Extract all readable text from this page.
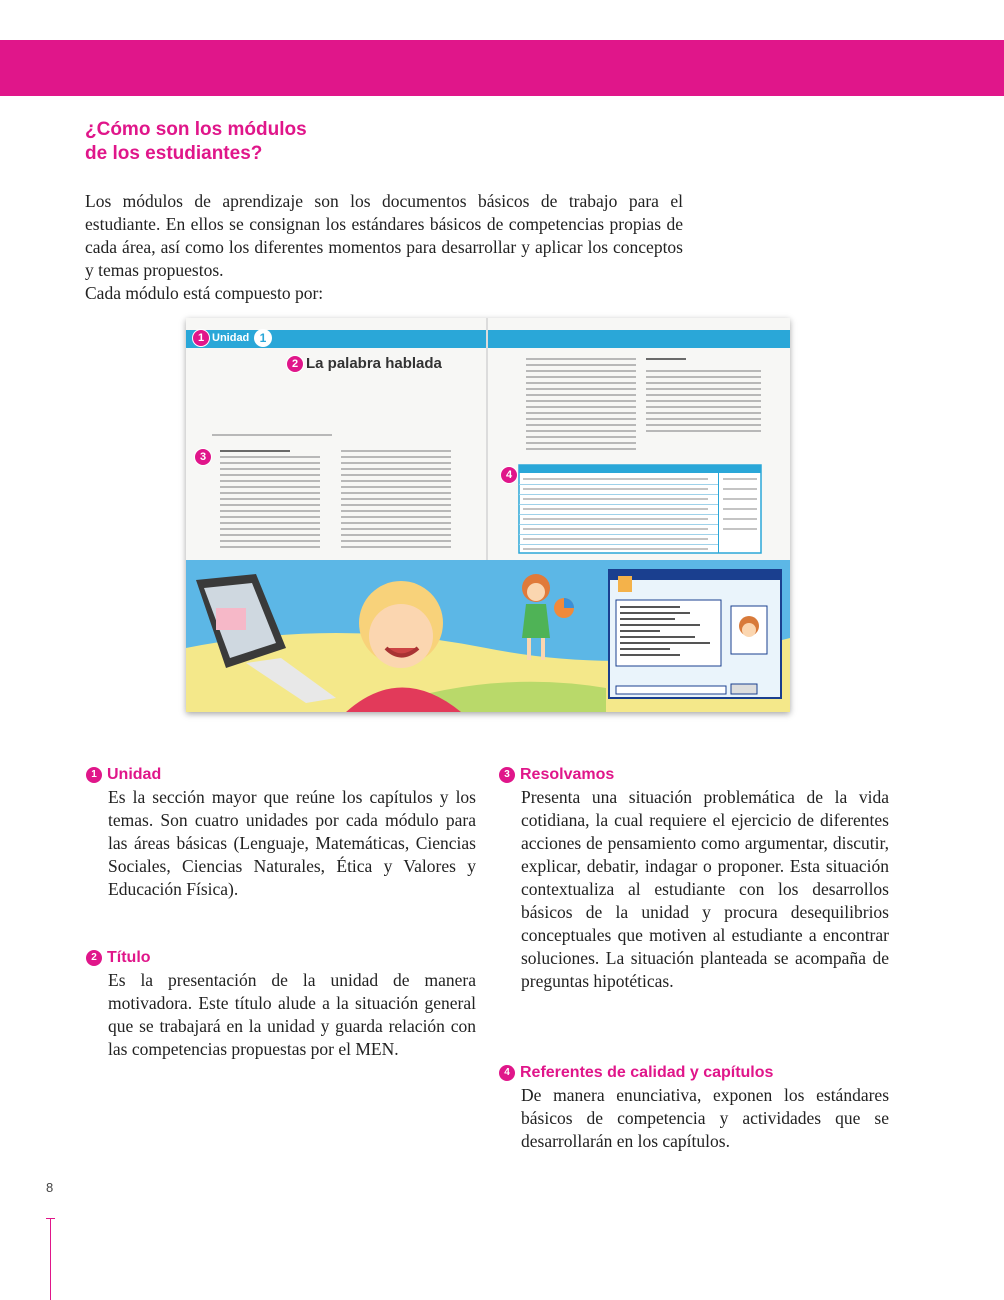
¿Cómo son los módulos
de los estudiantes?

Los módulos de aprendizaje son los documentos básicos de trabajo para el estudiante. En ellos se consignan los estándares básicos de competencias propias de cada área, así como los diferentes momentos para desarrollar y aplicar los conceptos y temas propuestos.

Cada módulo está compuesto por:

Unidad 1
La palabra hablada
1
2
3
4
1 Unidad

Es la sección mayor que reúne los capítulos y los temas. Son cuatro unidades por cada módulo para las áreas básicas (Lenguaje, Matemáticas, Ciencias Sociales, Ciencias Naturales, Ética y Valores y Educación Física).

2 Título

Es la presentación de la unidad de manera motivadora. Este título alude a la situación general que se trabajará en la unidad y guarda relación con las competencias propuestas por el MEN.

3 Resolvamos

Presenta una situación problemática de la vida cotidiana, la cual requiere el ejercicio de diferentes acciones de pensamiento como argumentar, discutir, explicar, debatir, indagar o proponer. Esta situación contextualiza al estudiante con los desarrollos básicos de la unidad y procura desequilibrios conceptuales que motiven al estudiante a encontrar soluciones. La situación planteada se acompaña de preguntas hipotéticas.

4 Referentes de calidad y capítulos

De manera enunciativa, exponen los estándares básicos de competencia y actividades que se desarrollarán en los capítulos.

8
